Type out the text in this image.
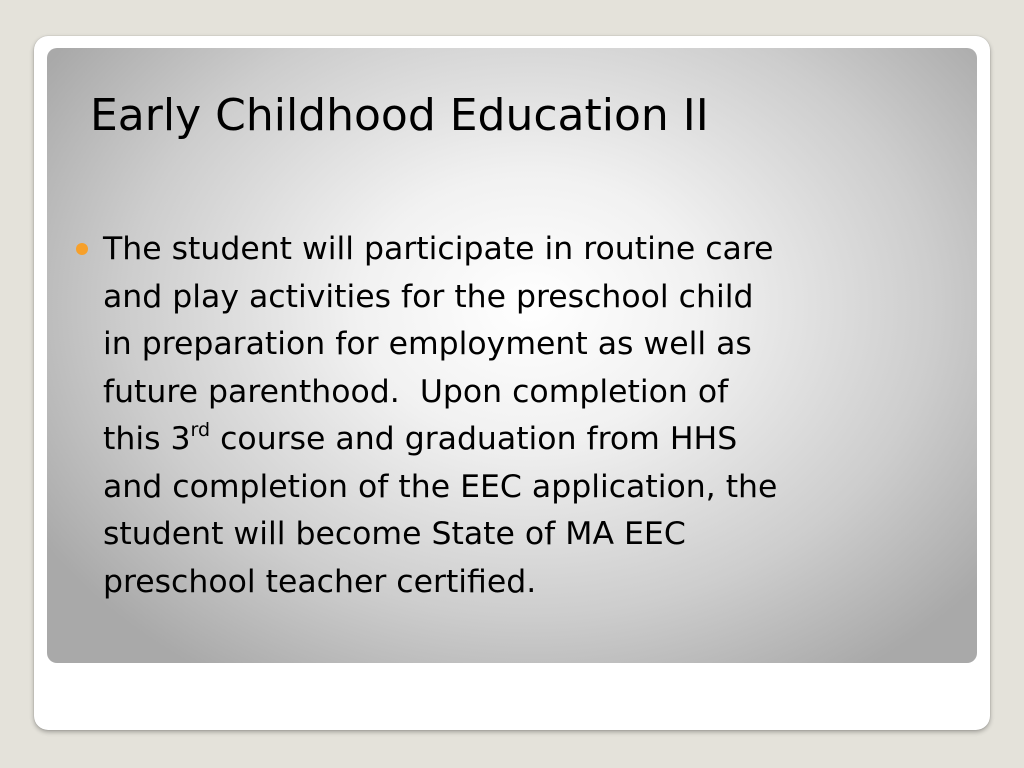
Early Childhood Education II

The student will participate in routine care
and play activities for the preschool child
in preparation for employment as well as
future parenthood.  Upon completion of
this 3rd course and graduation from HHS
and completion of the EEC application, the
student will become State of MA EEC
preschool teacher certified.
